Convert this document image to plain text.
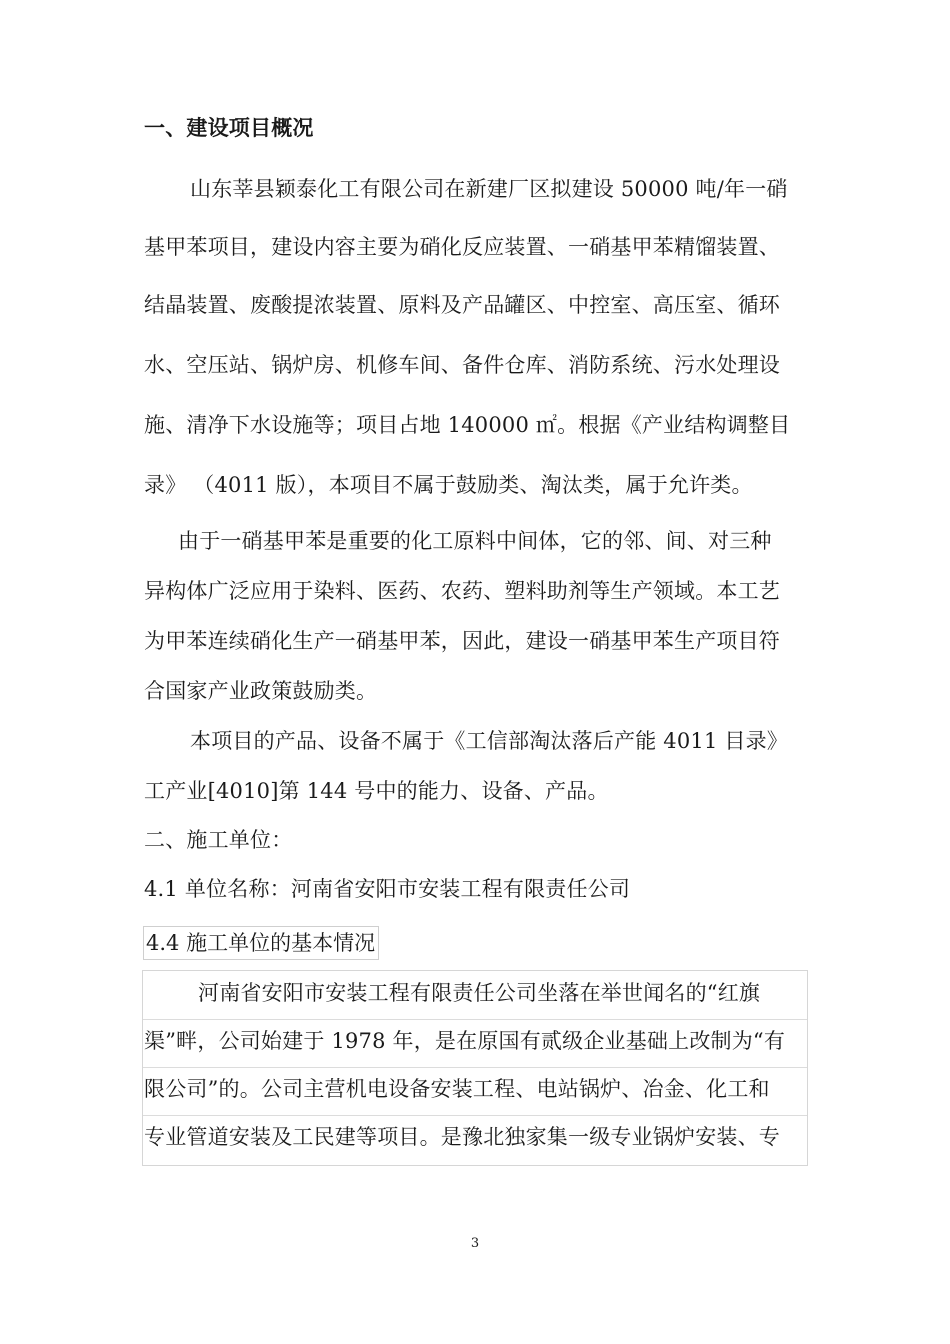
一、建设项目概况
山东莘县颖泰化工有限公司在新建厂区拟建设 50000 吨/年一硝
基甲苯项目，建设内容主要为硝化反应装置、一硝基甲苯精馏装置、
结晶装置、废酸提浓装置、原料及产品罐区、中控室、高压室、循环
水、空压站、锅炉房、机修车间、备件仓库、消防系统、污水处理设
施、清净下水设施等；项目占地 140000 ㎡。根据《产业结构调整目
录》 （4011 版），本项目不属于鼓励类、淘汰类，属于允许类。
由于一硝基甲苯是重要的化工原料中间体，它的邻、间、对三种
异构体广泛应用于染料、医药、农药、塑料助剂等生产领域。本工艺
为甲苯连续硝化生产一硝基甲苯，因此，建设一硝基甲苯生产项目符
合国家产业政策鼓励类。
本项目的产品、设备不属于《工信部淘汰落后产能 4011 目录》
工产业[4010]第 144 号中的能力、设备、产品。
二、施工单位：
4.1 单位名称：河南省安阳市安装工程有限责任公司
4.4 施工单位的基本情况
河南省安阳市安装工程有限责任公司坐落在举世闻名的“红旗
渠”畔，公司始建于 1978 年，是在原国有贰级企业基础上改制为“有
限公司”的。公司主营机电设备安装工程、电站锅炉、冶金、化工和
专业管道安装及工民建等项目。是豫北独家集一级专业锅炉安装、专
3
